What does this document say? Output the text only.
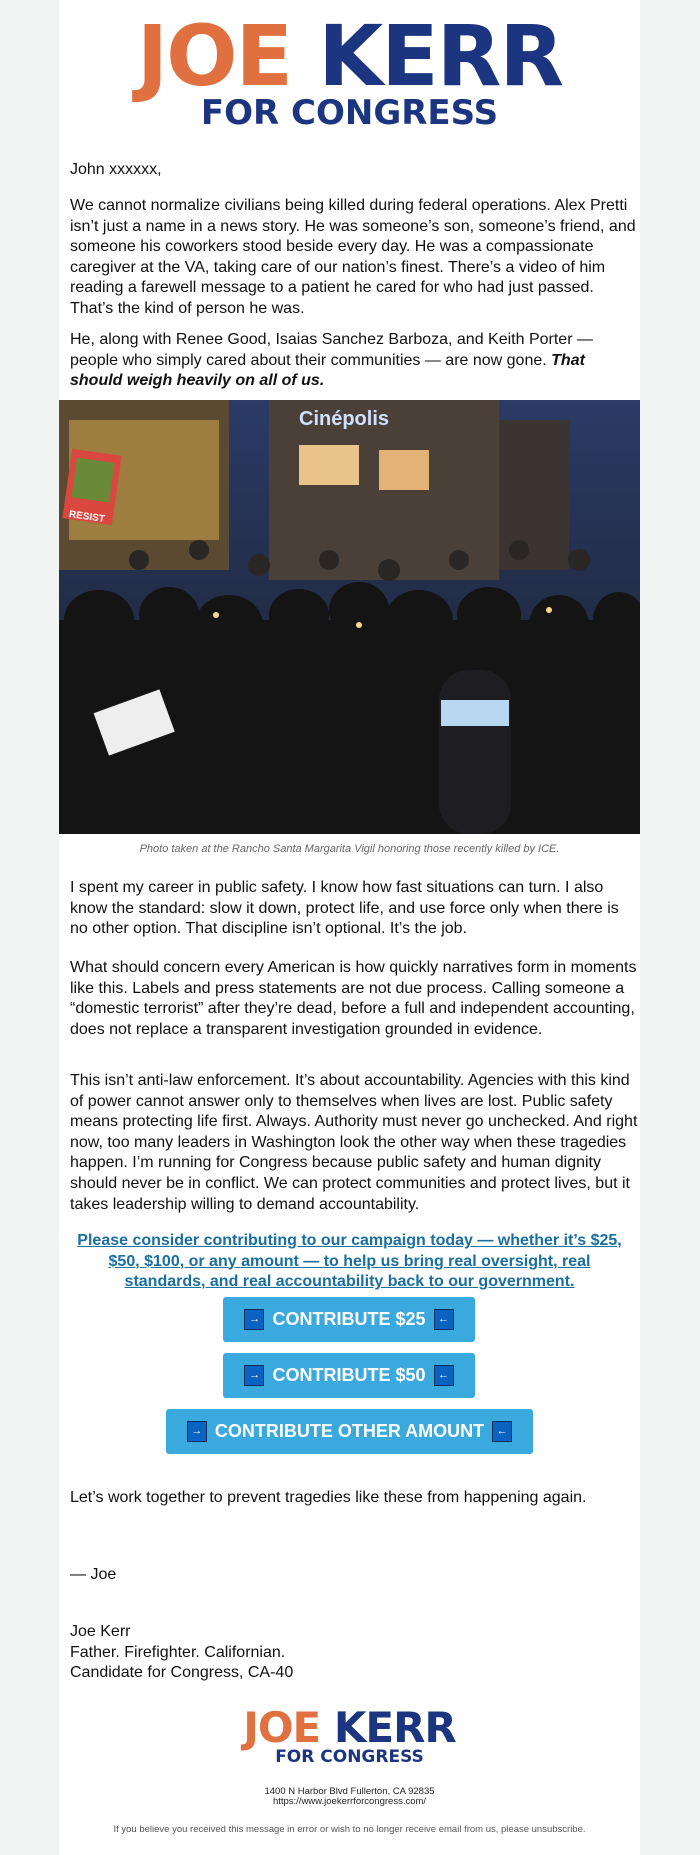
JOE KERR
FOR CONGRESS
John xxxxxx,
We cannot normalize civilians being killed during federal operations. Alex Pretti isn’t just a name in a news story. He was someone’s son, someone’s friend, and someone his coworkers stood beside every day. He was a compassionate caregiver at the VA, taking care of our nation’s finest. There’s a video of him reading a farewell message to a patient he cared for who had just passed. That’s the kind of person he was.
He, along with Renee Good, Isaias Sanchez Barboza, and Keith Porter — people who simply cared about their communities — are now gone. That should weigh heavily on all of us.
Cinépolis
RESIST
Photo taken at the Rancho Santa Margarita Vigil honoring those recently killed by ICE.
I spent my career in public safety. I know how fast situations can turn. I also know the standard: slow it down, protect life, and use force only when there is no other option. That discipline isn’t optional. It’s the job.
What should concern every American is how quickly narratives form in moments like this. Labels and press statements are not due process. Calling someone a “domestic terrorist” after they’re dead, before a full and independent accounting, does not replace a transparent investigation grounded in evidence.
This isn’t anti-law enforcement. It’s about accountability. Agencies with this kind of power cannot answer only to themselves when lives are lost. Public safety means protecting life first. Always. Authority must never go unchecked. And right now, too many leaders in Washington look the other way when these tragedies happen. I’m running for Congress because public safety and human dignity should never be in conflict. We can protect communities and protect lives, but it takes leadership willing to demand accountability.
Please consider contributing to our campaign today — whether it’s $25, $50, $100, or any amount — to help us bring real oversight, real standards, and real accountability back to our government.
→ CONTRIBUTE $25	←
→ CONTRIBUTE $50	←
→ CONTRIBUTE OTHER AMOUNT	←
Let’s work together to prevent tragedies like these from happening again.
— Joe

Joe Kerr

Father. Firefighter. Californian.

Candidate for Congress, CA-40

JOE KERR
FOR CONGRESS
1400 N Harbor Blvd Fullerton, CA 92835
https://www.joekerrforcongress.com/
If you believe you received this message in error or wish to no longer receive email from us, please unsubscribe.
